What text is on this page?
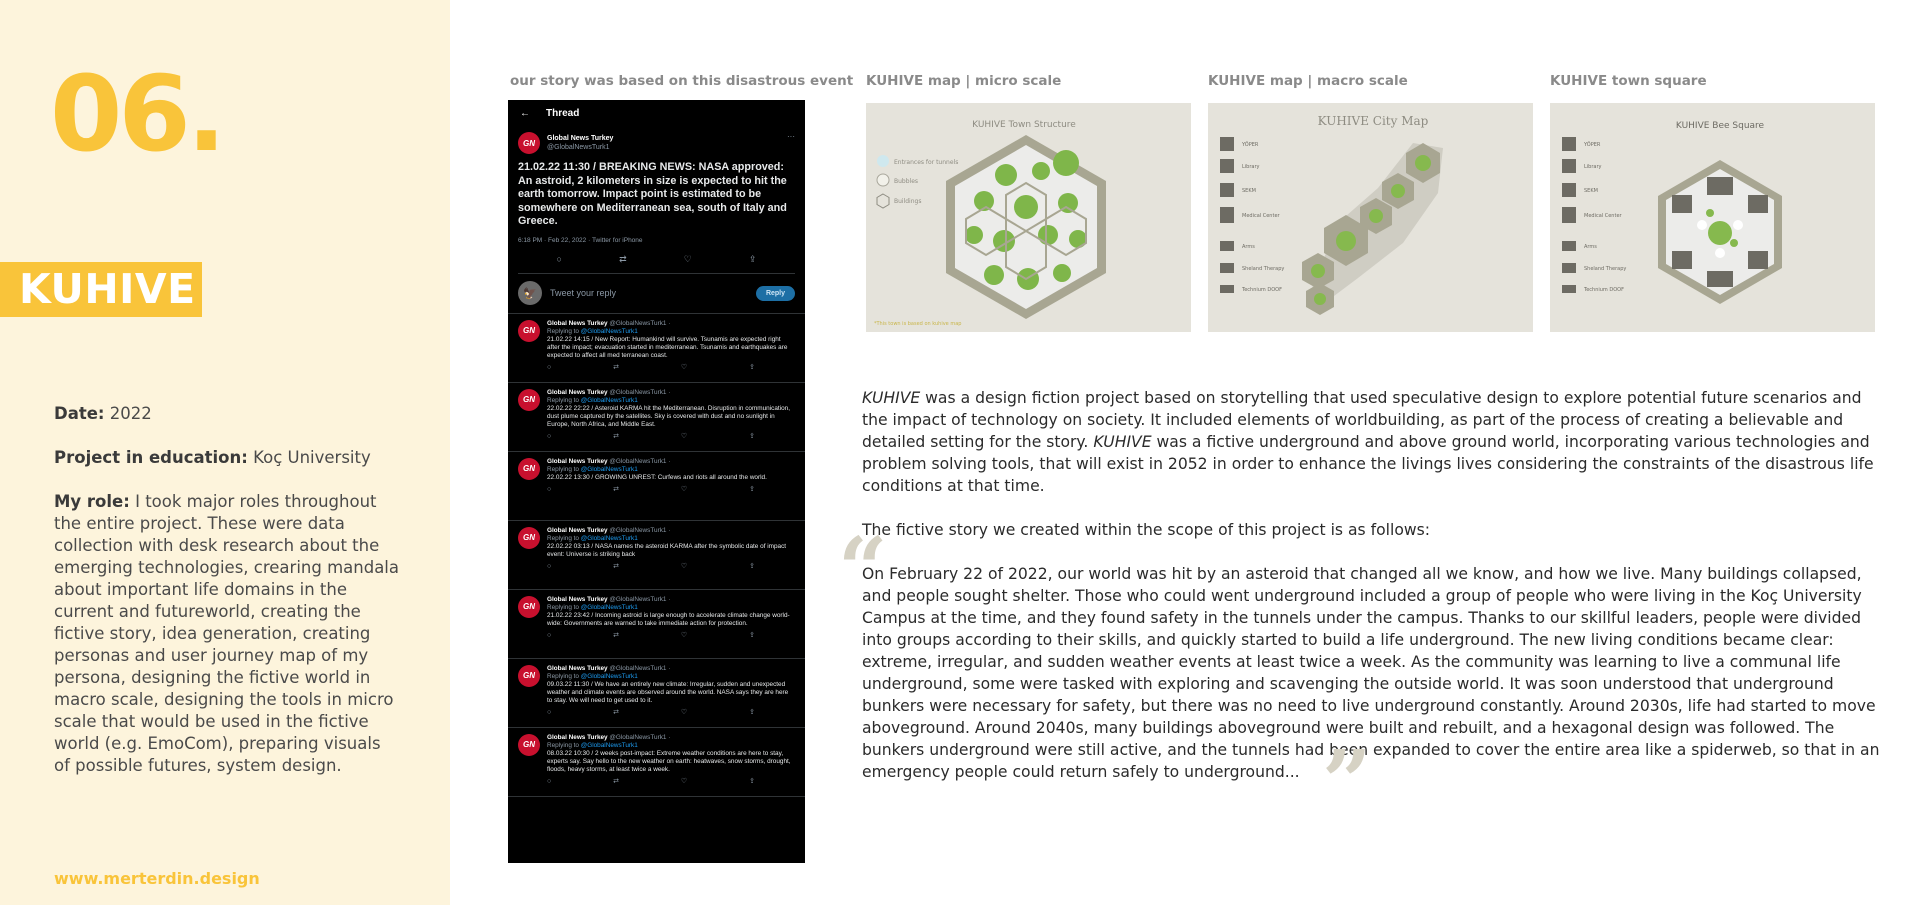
06.
KUHIVE

Date: 2022

Project in education: Koç University

My role: I took major roles throughout the entire project. These were data collection with desk research about the emerging technologies, crearing mandala about important life domains in the current and futureworld, creating the fictive story, idea generation, creating personas and user journey map of my persona, designing the fictive world in macro scale, designing the tools in micro scale that would be used in the fictive world (e.g. EmoCom), preparing visuals of possible futures, system design.

www.merterdin.design
our story was based on this disastrous event KUHIVE map | micro scale	KUHIVE map | macro scale	KUHIVE town square
← Thread
···
GN	Global News Turkey
@GlobalNewsTurk1
21.02.22 11:30 / BREAKING NEWS: NASA approved: An astroid, 2 kilometers in size is expected to hit the earth tomorrow. Impact point is estimated to be somewhere on Mediterranean sea, south of Italy and Greece.
6:18 PM · Feb 22, 2022 · Twitter for iPhone
○	⇄	♡	⇪
🦅	Tweet your reply	Reply
GN
Global News Turkey @GlobalNewsTurk1 ·
Replying to @GlobalNewsTurk1
21.02.22 14:15 / New Report: Humankind will survive. Tsunamis are expected right after the impact; evacuation started in mediterranean. Tsunamis and earthquakes are expected to affect all med terranean coast.
○	⇄	♡	⇪
GN
Global News Turkey @GlobalNewsTurk1 ·
Replying to @GlobalNewsTurk1
22.02.22 22:22 / Asteroid KARMA hit the Mediterranean. Disruption in communication, dust plume captured by the satellites. Sky is covered with dust and no sunlight in Europe, North Africa, and Middle East.
○	⇄	♡	⇪
GN
Global News Turkey @GlobalNewsTurk1 ·
Replying to @GlobalNewsTurk1
22.02.22 13:30 / GROWING UNREST: Curfews and riots all around the world.
○	⇄	♡	⇪
GN
Global News Turkey @GlobalNewsTurk1 ·
Replying to @GlobalNewsTurk1
22.02.22 03:13 / NASA names the asteroid KARMA after the symbolic date of impact event: Universe is striking back
○	⇄	♡	⇪
GN
Global News Turkey @GlobalNewsTurk1 ·
Replying to @GlobalNewsTurk1
21.02.22 23:42 / Incoming astroid is large enough to accelerate climate change world-wide: Governments are warned to take immediate action for protection.
○	⇄	♡	⇪
GN
Global News Turkey @GlobalNewsTurk1 ·
Replying to @GlobalNewsTurk1
09.03.22 11:30 / We have an entirely new climate: Irregular, sudden and unexpected weather and climate events are observed around the world. NASA says they are here to stay. We will need to get used to it.
○	⇄	♡	⇪
GN
Global News Turkey @GlobalNewsTurk1 ·
Replying to @GlobalNewsTurk1
08.03.22 10:30 / 2 weeks post-impact: Extreme weather conditions are here to stay, experts say. Say hello to the new weather on earth: heatwaves, snow storms, drought, floods, heavy storms, at least twice a week.
○	⇄	♡	⇪
KUHIVE Town Structure
Entrances for tunnels
Bubbles
Buildings
*This town is based on kuhive map
KUHIVE City Map
YÖPER
Library
SEKM
Medical Center
Arms
Sheland Therapy
Technium DOOF
KUHIVE Bee Square
YÖPER
Library
SEKM
Medical Center
Arms
Sheland Therapy
Technium DOOF
“

KUHIVE was a design fiction project based on storytelling that used speculative design to explore potential future scenarios and the impact of technology on society. It included elements of worldbuilding, as part of the process of creating a believable and detailed setting for the story. KUHIVE was a fictive underground and above ground world, incorporating various technologies and problem solving tools, that will exist in 2052 in order to enhance the livings lives considering the constraints of the disastrous life conditions at that time.

The fictive story we created within the scope of this project is as follows:

On February 22 of 2022, our world was hit by an asteroid that changed all we know, and how we live. Many buildings collapsed, and people sought shelter. Those who could went underground included a group of people who were living in the Koç University Campus at the time, and they found safety in the tunnels under the campus. Thanks to our skillful leaders, people were divided into groups according to their skills, and quickly started to build a life underground. The new living conditions became clear: extreme, irregular, and sudden weather events at least twice a week. As the community was learning to live a communal life underground, some were tasked with exploring and scavenging the outside world. It was soon understood that underground bunkers were necessary for safety, but there was no need to live underground constantly. Around 2030s, life had started to move aboveground. Around 2040s, many buildings aboveground were built and rebuilt, and a hexagonal design was followed. The bunkers underground were still active, and the tunnels had been expanded to cover the entire area like a spiderweb, so that in an emergency people could return safely to underground... ”
